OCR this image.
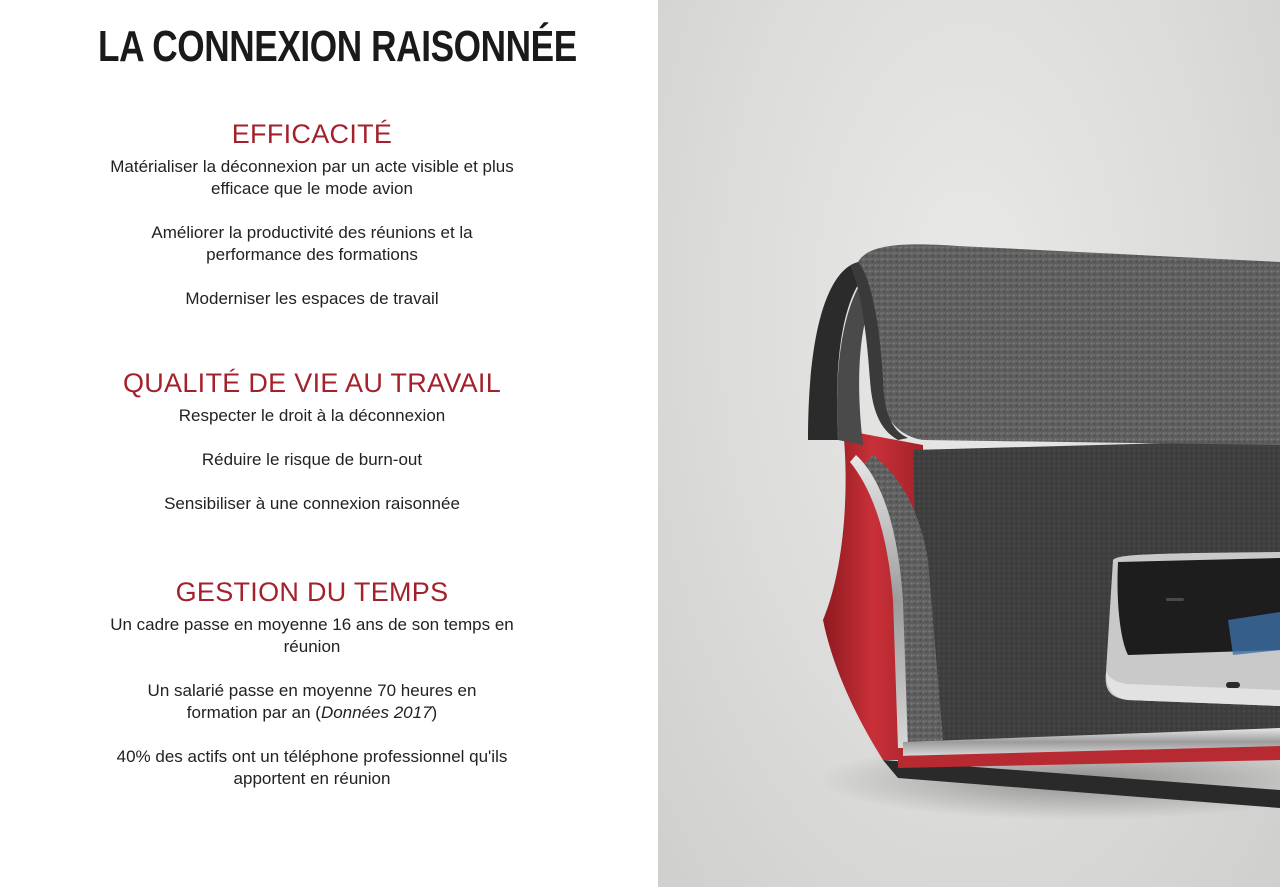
LA CONNEXION RAISONNÉE
EFFICACITÉ

Matérialiser la déconnexion par un acte visible et plus efficace que le mode avion

Améliorer la productivité des réunions et la performance des formations

Moderniser les espaces de travail

QUALITÉ DE VIE AU TRAVAIL

Respecter le droit à la déconnexion

Réduire le risque de burn-out

Sensibiliser à une connexion raisonnée

GESTION DU TEMPS

Un cadre passe en moyenne 16 ans de son temps en réunion

Un salarié passe en moyenne 70 heures en formation par an (Données 2017)

40% des actifs ont un téléphone professionnel qu'ils apportent en réunion
